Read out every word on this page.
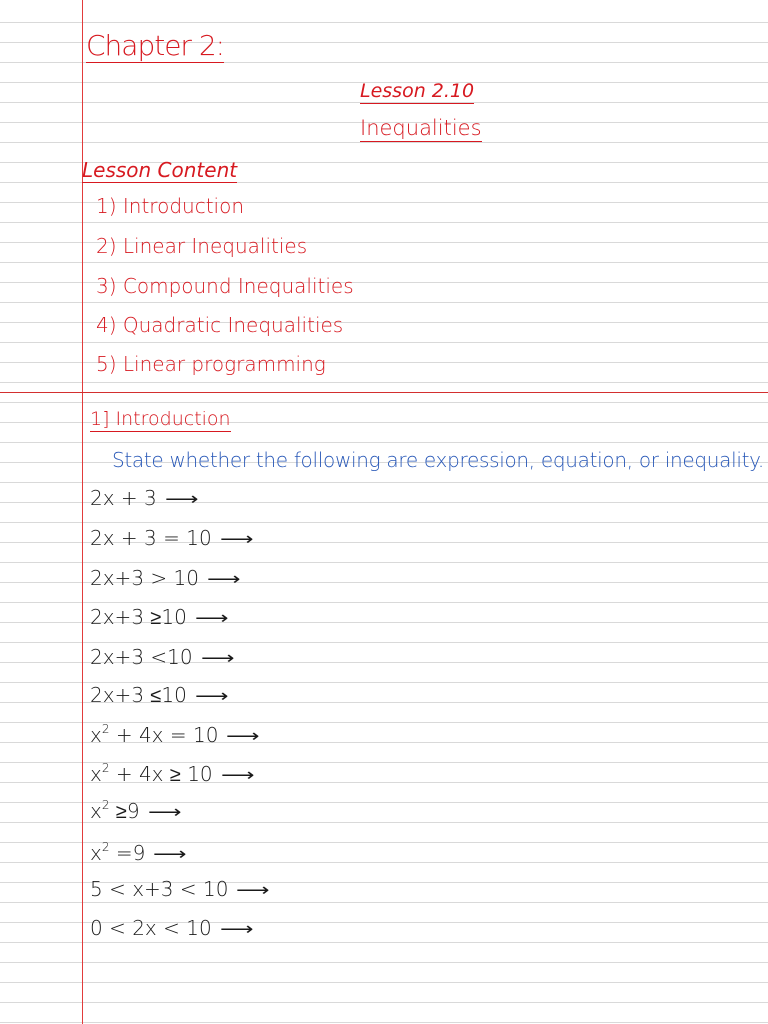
Chapter 2:
Lesson 2.10
Inequalities
Lesson Content
1) Introduction
2) Linear Inequalities
3) Compound Inequalities
4) Quadratic Inequalities
5) Linear programming
1] Introduction
State whether the following are expression, equation, or inequality.
2x + 3 ⟶
2x + 3 = 10 ⟶
2x+3 > 10 ⟶
2x+3 ≥10 ⟶
2x+3 <10 ⟶
2x+3 ≤10 ⟶
$x^2 + 4x = 10$ ⟶
$x^2 + 4x \ge 10$ ⟶
$x^2 \ge 9$ ⟶
$x^2 =9$ ⟶
5 < x+3 < 10 ⟶
0 < 2x < 10 ⟶
